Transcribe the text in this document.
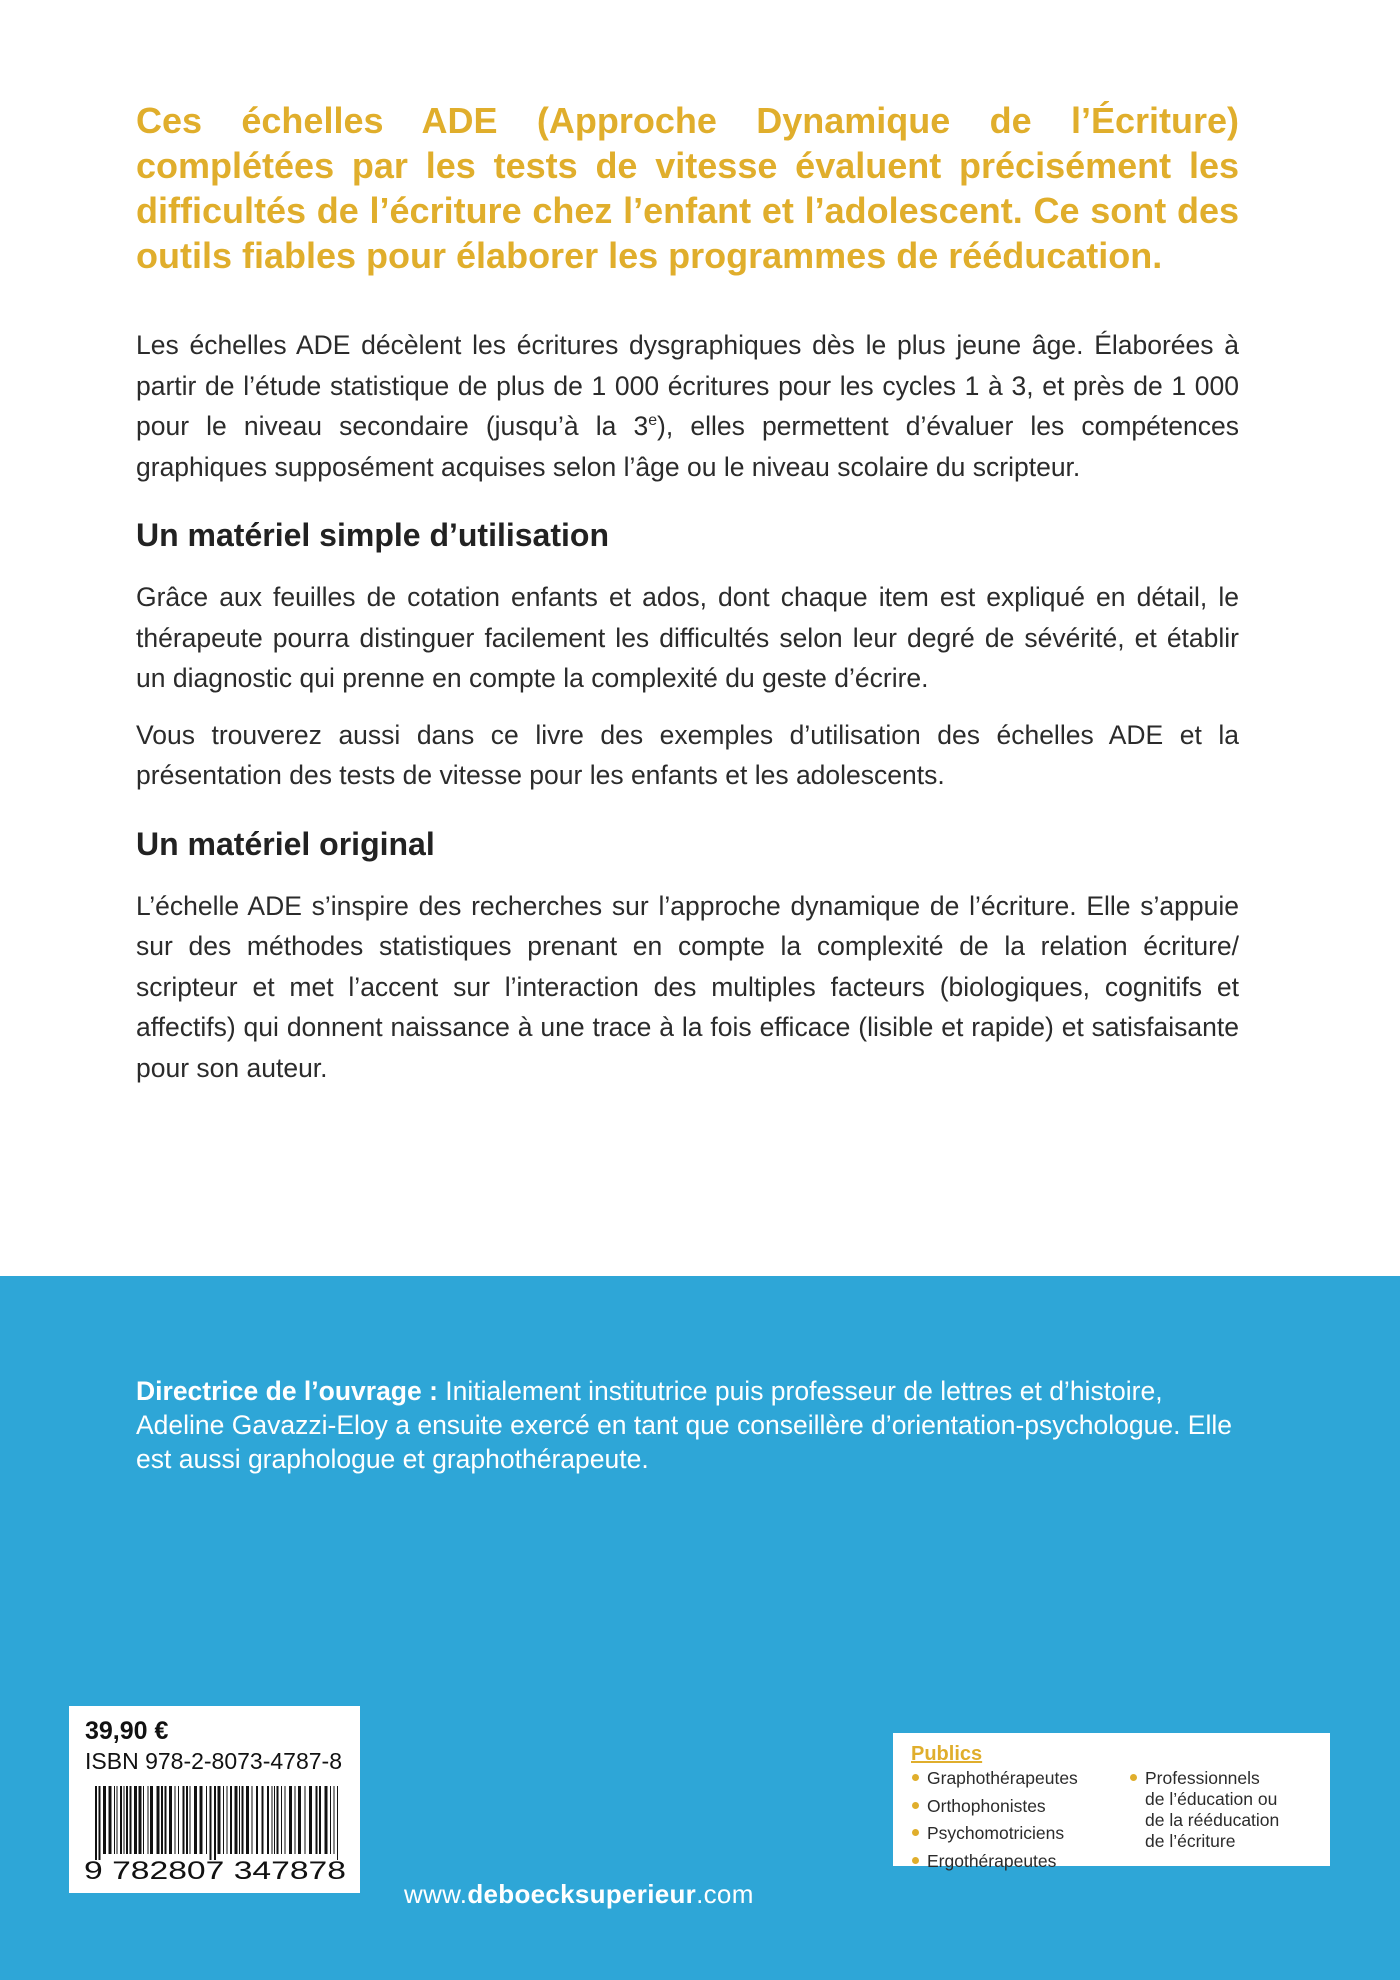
Ces échelles ADE (Approche Dynamique de l’Écriture) complétées par les tests de vitesse évaluent précisément les difficultés de l’écriture chez l’enfant et l’adolescent. Ce sont des outils fiables pour élaborer les programmes de rééducation.

Les échelles ADE décèlent les écritures dysgraphiques dès le plus jeune âge. Élaborées à partir de l’étude statistique de plus de 1 000 écritures pour les cycles 1 à 3, et près de 1 000 pour le niveau secondaire (jusqu’à la 3e), elles permettent d’évaluer les compétences graphiques supposément acquises selon l’âge ou le niveau scolaire du scripteur.

Un matériel simple d’utilisation

Grâce aux feuilles de cotation enfants et ados, dont chaque item est expliqué en détail, le thérapeute pourra distinguer facilement les difficultés selon leur degré de sévérité, et établir un diagnostic qui prenne en compte la complexité du geste d’écrire.

Vous trouverez aussi dans ce livre des exemples d’utilisation des échelles ADE et la présentation des tests de vitesse pour les enfants et les adolescents.

Un matériel original

L’échelle ADE s’inspire des recherches sur l’approche dynamique de l’écriture. Elle s’appuie sur des méthodes statistiques prenant en compte la complexité de la relation écriture/ scripteur et met l’accent sur l’interaction des multiples facteurs (biologiques, cognitifs et affectifs) qui donnent naissance à une trace à la fois efficace (lisible et rapide) et satisfaisante pour son auteur.

Directrice de l’ouvrage : Initialement institutrice puis professeur de lettres et d’histoire, Adeline Gavazzi-Eloy a ensuite exercé en tant que conseillère d’orientation-psychologue. Elle est aussi graphologue et graphothérapeute.

39,90 €
ISBN 978-2-8073-4787-8
9 782807 347878
www.deboecksuperieur.com
Publics
Graphothérapeutes
Orthophonistes
Psychomotriciens
Ergothérapeutes
Professionnels
de l’éducation ou
de la rééducation
de l’écriture
